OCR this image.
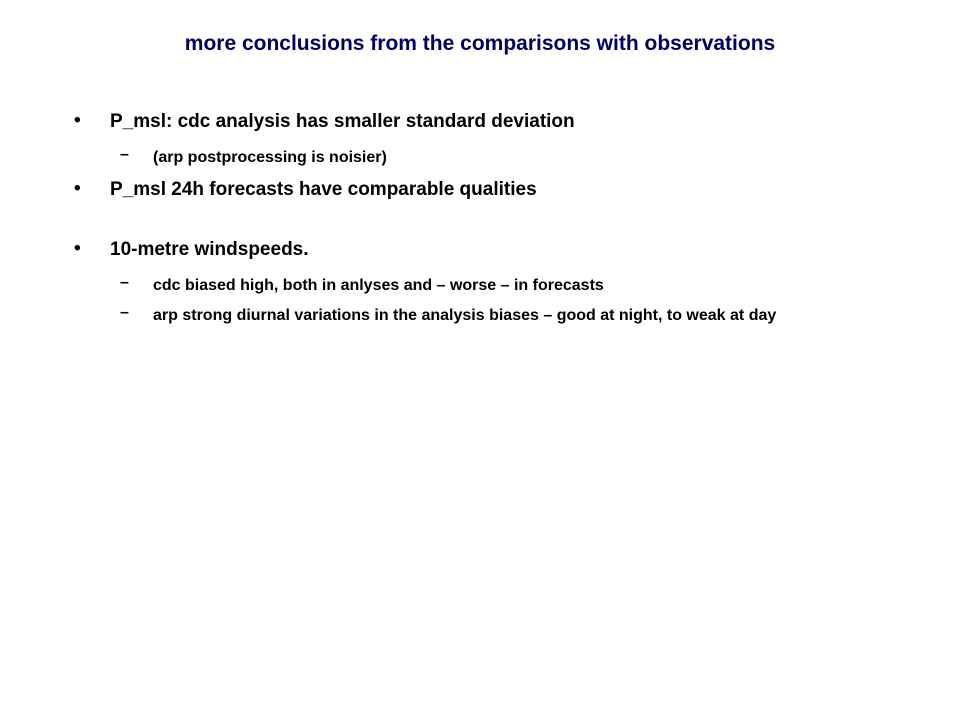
more conclusions from the comparisons with observations
• P_msl: cdc analysis has smaller standard deviation
– (arp postprocessing is noisier)
• P_msl 24h forecasts have comparable qualities
• 10-metre windspeeds.
– cdc biased high, both in anlyses and – worse – in forecasts
– arp strong diurnal variations in the analysis biases – good at night, to weak at day
